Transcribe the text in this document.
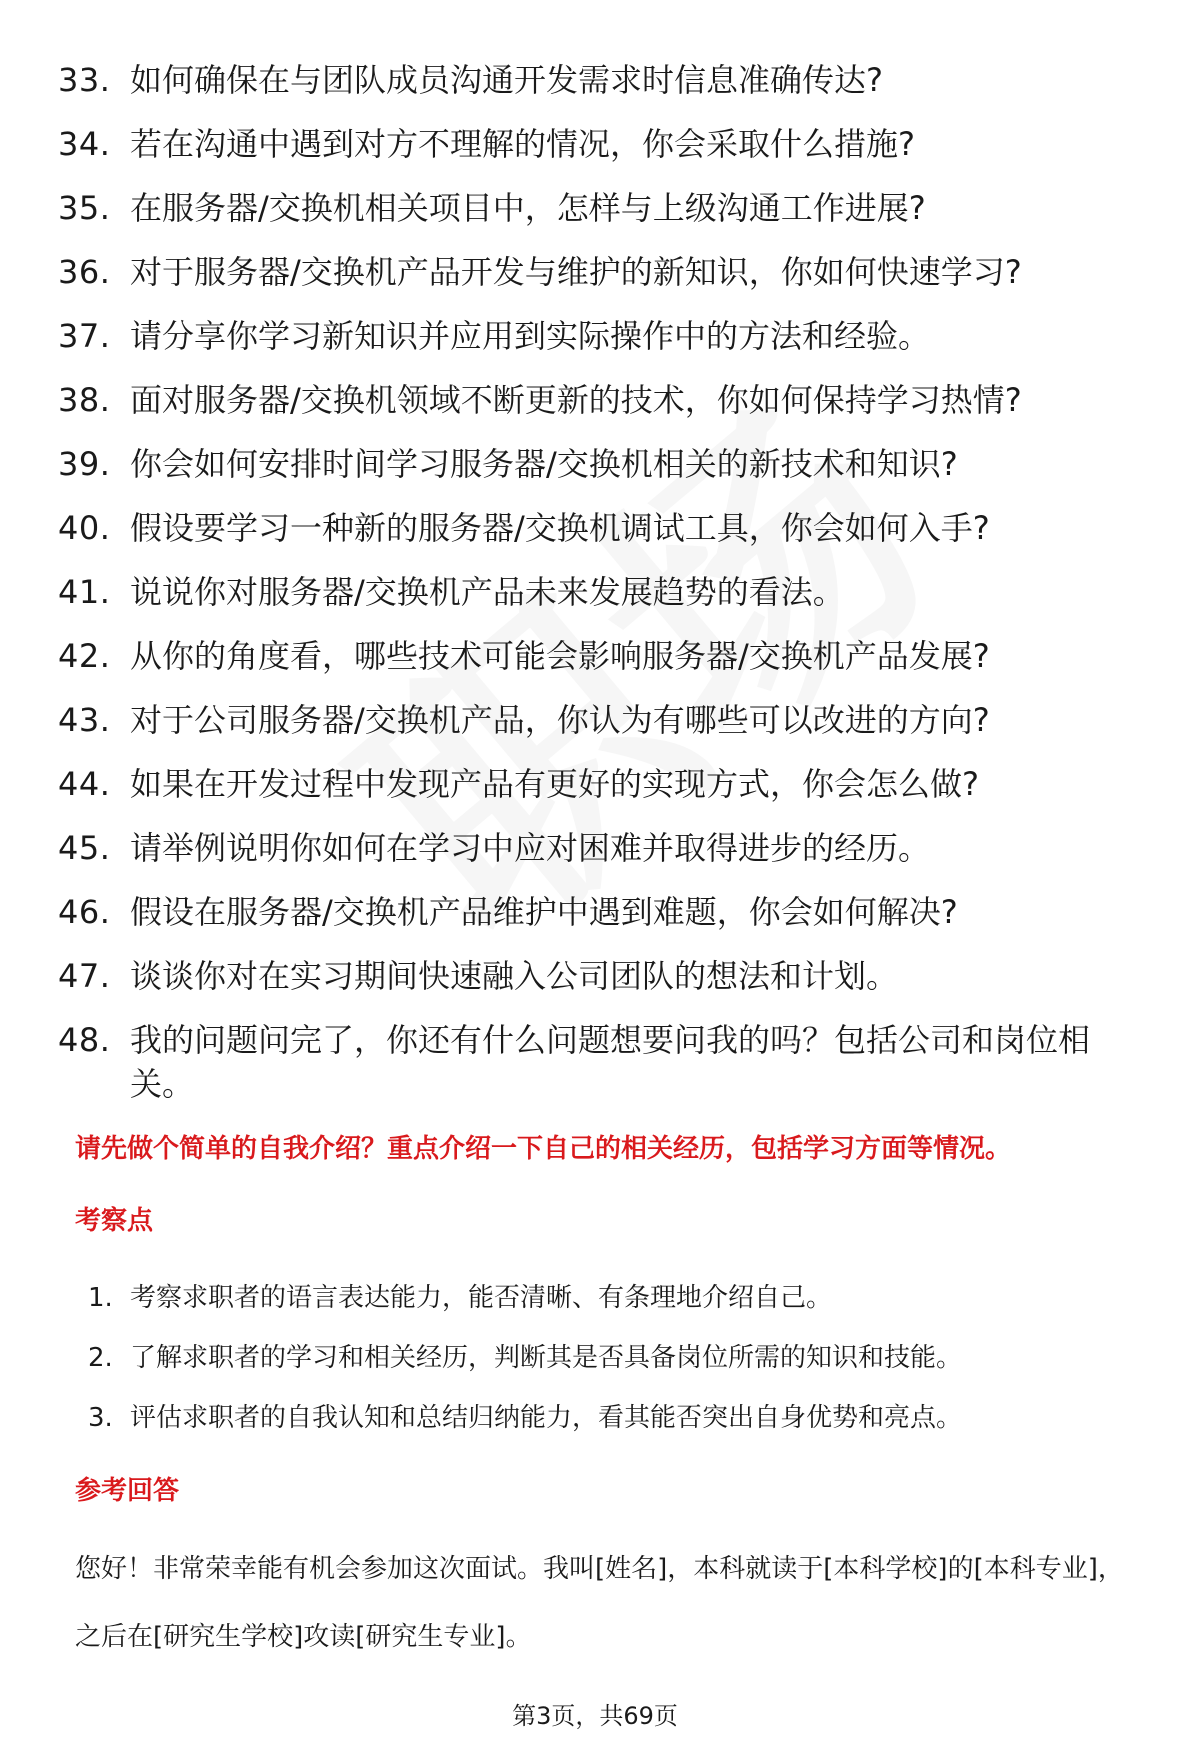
33. 如何确保在与团队成员沟通开发需求时信息准确传达?
34. 若在沟通中遇到对方不理解的情况，你会采取什么措施?
35. 在服务器/交换机相关项目中，怎样与上级沟通工作进展?
36. 对于服务器/交换机产品开发与维护的新知识，你如何快速学习?
37. 请分享你学习新知识并应用到实际操作中的方法和经验。
38. 面对服务器/交换机领域不断更新的技术，你如何保持学习热情?
39. 你会如何安排时间学习服务器/交换机相关的新技术和知识?
40. 假设要学习一种新的服务器/交换机调试工具，你会如何入手?
41. 说说你对服务器/交换机产品未来发展趋势的看法。
42. 从你的角度看，哪些技术可能会影响服务器/交换机产品发展?
43. 对于公司服务器/交换机产品，你认为有哪些可以改进的方向?
44. 如果在开发过程中发现产品有更好的实现方式，你会怎么做?
45. 请举例说明你如何在学习中应对困难并取得进步的经历。
46. 假设在服务器/交换机产品维护中遇到难题，你会如何解决?
47. 谈谈你对在实习期间快速融入公司团队的想法和计划。
48. 我的问题问完了，你还有什么问题想要问我的吗？包括公司和岗位相关。
请先做个简单的自我介绍？重点介绍一下自己的相关经历，包括学习方面等情况。
考察点
1. 考察求职者的语言表达能力，能否清晰、有条理地介绍自己。
2. 了解求职者的学习和相关经历，判断其是否具备岗位所需的知识和技能。
3. 评估求职者的自我认知和总结归纳能力，看其能否突出自身优势和亮点。
参考回答
您好！非常荣幸能有机会参加这次面试。我叫[姓名]，本科就读于[本科学校]的[本科专业]，之后在[研究生学校]攻读[研究生专业]。
第3页，共69页
